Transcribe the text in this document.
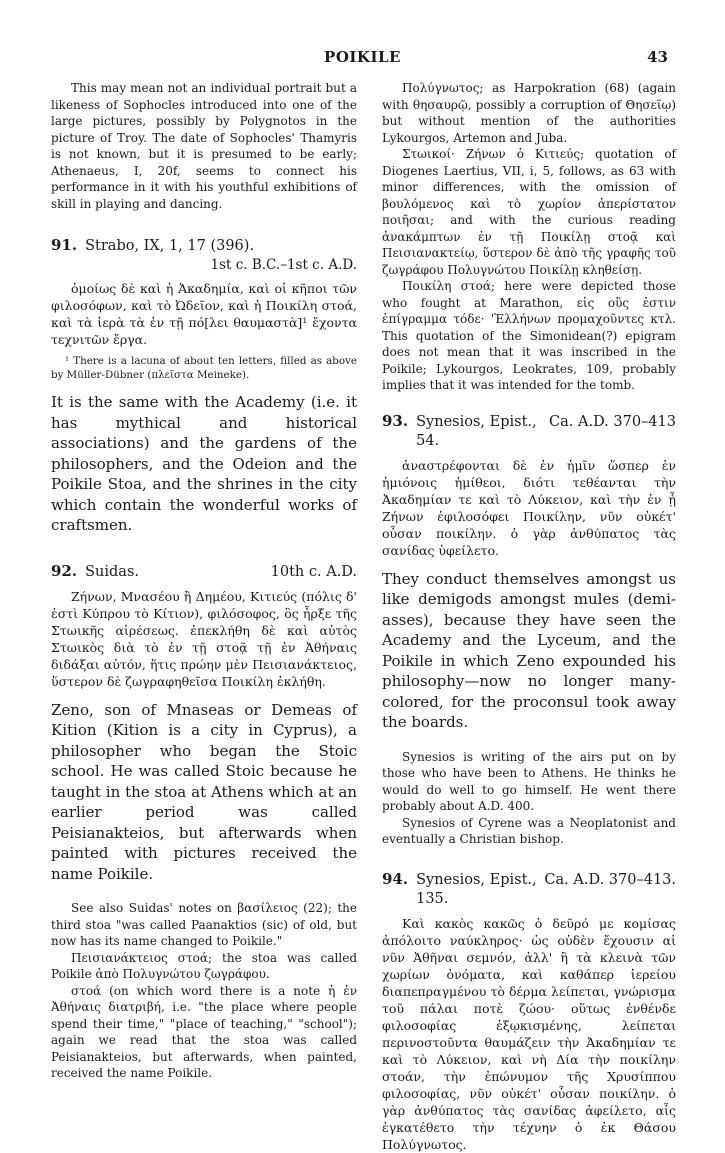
POIKILE	43

This may mean not an individual portrait but a likeness of Sophocles introduced into one of the large pictures, possibly by Polygnotos in the picture of Troy. The date of Sophocles' Thamyris is not known, but it is presumed to be early; Athenaeus, I, 20f, seems to connect his performance in it with his youthful exhibitions of skill in playing and dancing.

91. Strabo, IX, 1, 17 (396).
1st c. B.C.–1st c. A.D.

ὁμοίως δὲ καὶ ἡ Ἀκαδημία, καὶ οἱ κῆποι τῶν φιλοσόφων, καὶ τὸ Ὠδεῖον, καὶ ἡ Ποικίλη στοά, καὶ τὰ ἱερὰ τὰ ἐν τῇ πό[λει θαυμαστὰ]¹ ἔχοντα τεχνιτῶν ἔργα.

¹ There is a lacuna of about ten letters, filled as above by Müller-Dübner (πλεῖστα Meineke).

It is the same with the Academy (i.e. it has mythical and historical associations) and the gardens of the philosophers, and the Odeion and the Poikile Stoa, and the shrines in the city which contain the wonderful works of craftsmen.

92. Suidas.	10th c. A.D.

Ζήνων, Μνασέου ἢ Δημέου, Κιτιεύς (πόλις δ' ἐστὶ Κύπρου τὸ Κίτιον), φιλόσοφος, ὃς ἦρξε τῆς Στωικῆς αἱρέσεως. ἐπεκλήθη δὲ καὶ αὐτὸς Στωικὸς διὰ τὸ ἐν τῇ στοᾷ τῇ ἐν Ἀθήναις διδάξαι αὐτόν, ἥτις πρώην μὲν Πεισιανάκτειος, ὕστερον δὲ ζωγραφηθεῖσα Ποικίλη ἐκλήθη.

Zeno, son of Mnaseas or Demeas of Kition (Kition is a city in Cyprus), a philosopher who began the Stoic school. He was called Stoic because he taught in the stoa at Athens which at an earlier period was called Peisianakteios, but afterwards when painted with pictures received the name Poikile.

See also Suidas' notes on βασίλειος (22); the third stoa "was called Paanaktios (sic) of old, but now has its name changed to Poikile."

Πεισιανάκτειος στοά; the stoa was called Poikile ἀπὸ Πολυγνώτου ζωγράφου.

στοά (on which word there is a note ἡ ἐν Ἀθήναις διατριβή, i.e. "the place where people spend their time," "place of teaching," "school"); again we read that the stoa was called Peisianakteios, but afterwards, when painted, received the name Poikile.

Πολύγνωτος; as Harpokration (68) (again with θησαυρῷ, possibly a corruption of Θησεῖῳ) but without mention of the authorities Lykourgos, Artemon and Juba.

Στωικοί· Ζήνων ὁ Κιτιεύς; quotation of Diogenes Laertius, VII, i, 5, follows, as 63 with minor differences, with the omission of βουλόμενος καὶ τὸ χωρίον ἀπερίστατον ποιῆσαι; and with the curious reading ἀνακάμπτων ἐν τῇ Ποικίλῃ στοᾷ καὶ Πεισιανακτείῳ, ὕστερον δὲ ἀπὸ τῆς γραφῆς τοῦ ζωγράφου Πολυγνώτου Ποικίλῃ κληθείσῃ.

Ποικίλη στοά; here were depicted those who fought at Marathon, εἰς οὓς ἐστιν ἐπίγραμμα τόδε· 'Ἑλλήνων προμαχοῦντες κτλ. This quotation of the Simonidean(?) epigram does not mean that it was inscribed in the Poikile; Lykourgos, Leokrates, 109, probably implies that it was intended for the tomb.

93. Synesios, Epist., 54.
Ca. A.D. 370–413

ἀναστρέφονται δὲ ἐν ἡμῖν ὥσπερ ἐν ἡμιόνοις ἡμίθεοι, διότι τεθέανται τὴν Ἀκαδημίαν τε καὶ τὸ Λύκειον, καὶ τὴν ἐν ᾗ Ζήνων ἐφιλοσόφει Ποικίλην, νῦν οὐκέτ' οὖσαν ποικίλην. ὁ γὰρ ἀνθύπατος τὰς σανίδας ὑφείλετο.

They conduct themselves amongst us like demigods amongst mules (demi-asses), because they have seen the Academy and the Lyceum, and the Poikile in which Zeno expounded his philosophy—now no longer many-colored, for the proconsul took away the boards.

Synesios is writing of the airs put on by those who have been to Athens. He thinks he would do well to go himself. He went there probably about A.D. 400.

Synesios of Cyrene was a Neoplatonist and eventually a Christian bishop.

94. Synesios, Epist., 135.
Ca. A.D. 370–413.

Καὶ κακὸς κακῶς ὁ δεῦρό με κομίσας ἀπόλοιτο ναύκληρος· ὡς οὐδὲν ἔχουσιν αἱ νῦν Ἀθῆναι σεμνόν, ἀλλ' ἢ τὰ κλεινὰ τῶν χωρίων ὀνόματα, καὶ καθάπερ ἱερείου διαπεπραγμένου τὸ δέρμα λείπεται, γνώρισμα τοῦ πάλαι ποτὲ ζώου· οὕτως ἐνθένδε φιλοσοφίας ἐξῳκισμένης, λείπεται περινοστοῦντα θαυμάζειν τὴν Ἀκαδημίαν τε καὶ τὸ Λύκειον, καὶ νὴ Δία τὴν ποικίλην στοάν, τὴν ἐπώνυμον τῆς Χρυσίππου φιλοσοφίας, νῦν οὐκέτ' οὖσαν ποικίλην. ὁ γὰρ ἀνθύπατος τὰς σανίδας ἀφείλετο, αἷς ἐγκατέθετο τὴν τέχνην ὁ ἐκ Θάσου Πολύγνωτος.
